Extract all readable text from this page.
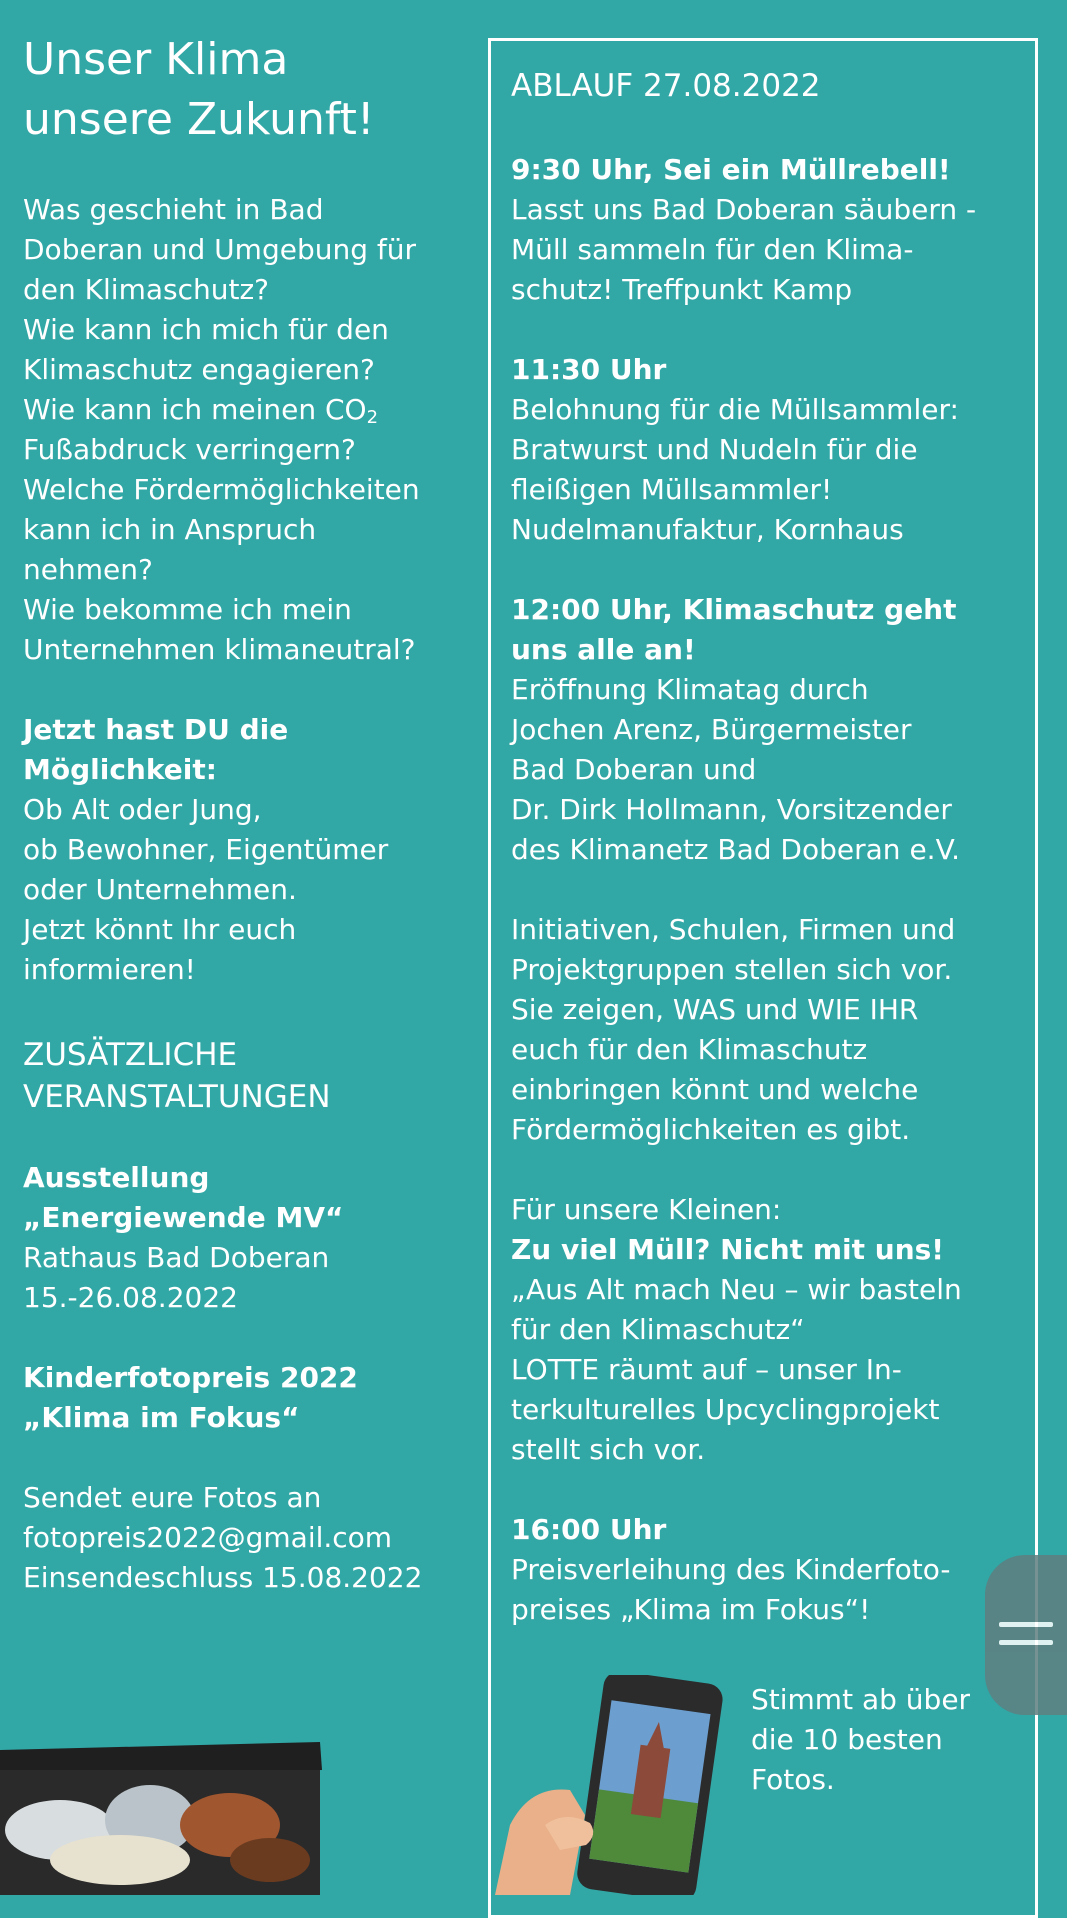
Unser Klima
unsere Zukunft!
Was geschieht in Bad
Doberan und Umgebung für
den Klimaschutz?
Wie kann ich mich für den
Klimaschutz engagieren?
Wie kann ich meinen CO2
Fußabdruck verringern?
Welche Fördermöglichkeiten
kann ich in Anspruch
nehmen?
Wie bekomme ich mein
Unternehmen klimaneutral?
Jetzt hast DU die
Möglichkeit:
Ob Alt oder Jung,
ob Bewohner, Eigentümer
oder Unternehmen.
Jetzt könnt Ihr euch
informieren!
ZUSÄTZLICHE
VERANSTALTUNGEN
Ausstellung
„Energiewende MV“
Rathaus Bad Doberan
15.-26.08.2022
Kinderfotopreis 2022
„Klima im Fokus“
Sendet eure Fotos an
fotopreis2022@gmail.com
Einsendeschluss 15.08.2022
ABLAUF 27.08.2022
9:30 Uhr, Sei ein Müllrebell!
Lasst uns Bad Doberan säubern -
Müll sammeln für den Klima-
schutz! Treffpunkt Kamp
11:30 Uhr
Belohnung für die Müllsammler:
Bratwurst und Nudeln für die
fleißigen Müllsammler!
Nudelmanufaktur, Kornhaus
12:00 Uhr, Klimaschutz geht
uns alle an!
Eröffnung Klimatag durch
Jochen Arenz, Bürgermeister
Bad Doberan und
Dr. Dirk Hollmann, Vorsitzender
des Klimanetz Bad Doberan e.V.
Initiativen, Schulen, Firmen und
Projektgruppen stellen sich vor.
Sie zeigen, WAS und WIE IHR
euch für den Klimaschutz
einbringen könnt und welche
Fördermöglichkeiten es gibt.
Für unsere Kleinen:
Zu viel Müll? Nicht mit uns!
„Aus Alt mach Neu – wir basteln
für den Klimaschutz“
LOTTE räumt auf – unser In-
terkulturelles Upcyclingprojekt
stellt sich vor.
16:00 Uhr
Preisverleihung des Kinderfoto-
preises „Klima im Fokus“!
Stimmt ab über
die 10 besten
Fotos.
